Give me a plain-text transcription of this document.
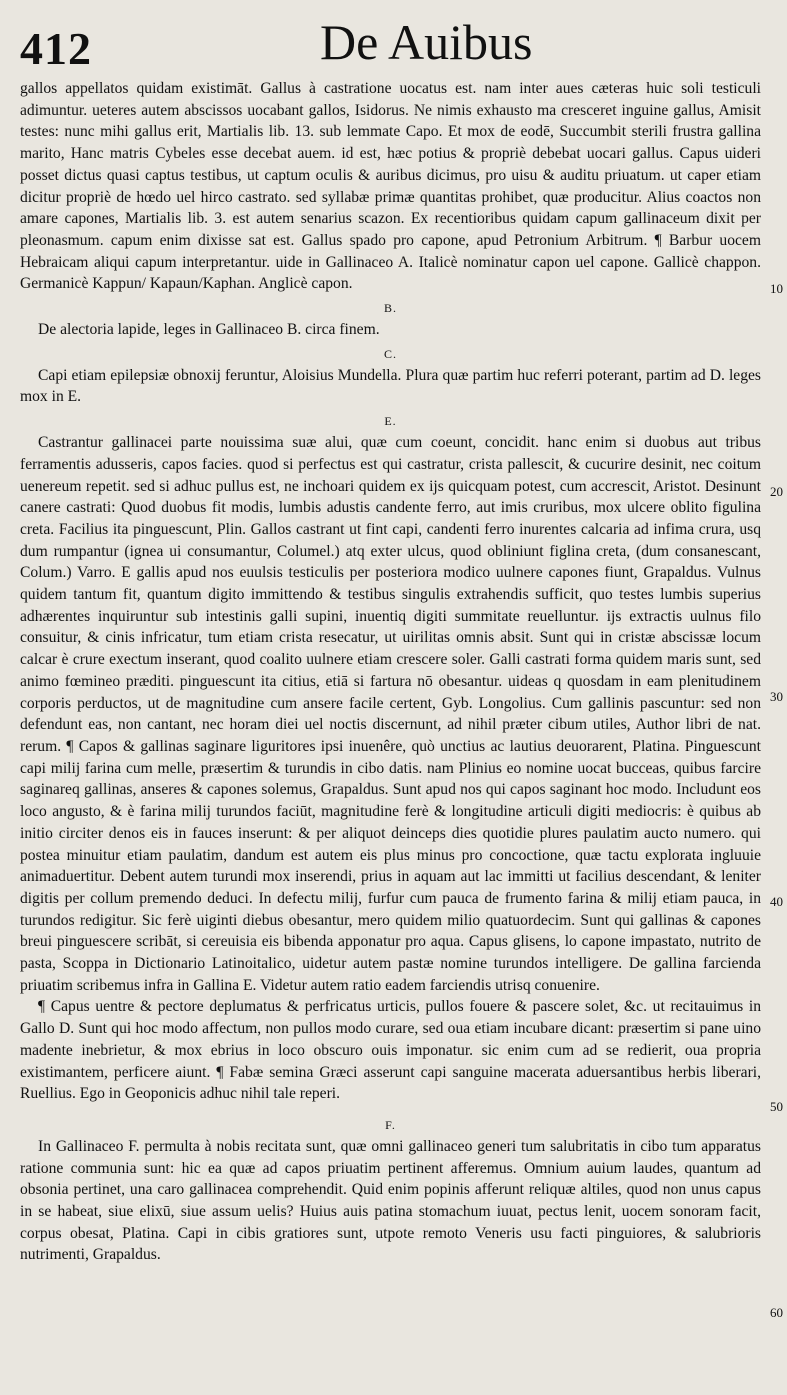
412	De Auibus

gallos appellatos quidam existimāt. Gallus à castratione uocatus est. nam inter aues cæteras huic soli testiculi adimuntur. ueteres autem abscissos uocabant gallos, Isidorus. Ne nimis exhausto ma cresceret inguine gallus, Amisit testes: nunc mihi gallus erit, Martialis lib. 13. sub lemmate Capo. Et mox de eodē, Succumbit sterili frustra gallina marito, Hanc matris Cybeles esse decebat auem. id est, hæc potius & propriè debebat uocari gallus. Capus uideri posset dictus quasi captus testibus, ut captum oculis & auribus dicimus, pro uisu & auditu priuatum. ut caper etiam dicitur propriè de hœdo uel hirco castrato. sed syllabæ primæ quantitas prohibet, quæ producitur. Alius coactos non amare capones, Martialis lib. 3. est autem senarius scazon. Ex recentioribus quidam capum gallinaceum dixit per pleonasmum. capum enim dixisse sat est. Gallus spado pro capone, apud Petronium Arbitrum. ¶ Barbur uocem Hebraicam aliqui capum interpretantur. uide in Gallinaceo A. Italicè nominatur capon uel capone. Gallicè chappon. Germanicè Kappun/ Kapaun/Kaphan. Anglicè capon.

B.

De alectoria lapide, leges in Gallinaceo B. circa finem.

C.

Capi etiam epilepsiæ obnoxij feruntur, Aloisius Mundella. Plura quæ partim huc referri poterant, partim ad D. leges mox in E.

E.

Castrantur gallinacei parte nouissima suæ alui, quæ cum coeunt, concidit. hanc enim si duobus aut tribus ferramentis adusseris, capos facies. quod si perfectus est qui castratur, crista pallescit, & cucurire desinit, nec coitum uenereum repetit. sed si adhuc pullus est, ne inchoari quidem ex ijs quicquam potest, cum accrescit, Aristot. Desinunt canere castrati: Quod duobus fit modis, lumbis adustis candente ferro, aut imis cruribus, mox ulcere oblito figulina creta. Facilius ita pinguescunt, Plin. Gallos castrant ut fint capi, candenti ferro inurentes calcaria ad infima crura, usq dum rumpantur (ignea ui consumantur, Columel.) atq exter ulcus, quod obliniunt figlina creta, (dum consanescant, Colum.) Varro. E gallis apud nos euulsis testiculis per posteriora modico uulnere capones fiunt, Grapaldus. Vulnus quidem tantum fit, quantum digito immittendo & testibus singulis extrahendis sufficit, quo testes lumbis superius adhærentes inquiruntur sub intestinis galli supini, inuentiq digiti summitate reuelluntur. ijs extractis uulnus filo consuitur, & cinis infricatur, tum etiam crista resecatur, ut uirilitas omnis absit. Sunt qui in cristæ abscissæ locum calcar è crure exectum inserant, quod coalito uulnere etiam crescere soler. Galli castrati forma quidem maris sunt, sed animo fœmineo præditi. pinguescunt ita citius, etiā si fartura nō obesantur. uideas q quosdam in eam plenitudinem corporis perductos, ut de magnitudine cum ansere facile certent, Gyb. Longolius. Cum gallinis pascuntur: sed non defendunt eas, non cantant, nec horam diei uel noctis discernunt, ad nihil præter cibum utiles, Author libri de nat. rerum. ¶ Capos & gallinas saginare liguritores ipsi inuenêre, quò unctius ac lautius deuorarent, Platina. Pinguescunt capi milij farina cum melle, præsertim & turundis in cibo datis. nam Plinius eo nomine uocat bucceas, quibus farcire saginareq gallinas, anseres & capones solemus, Grapaldus. Sunt apud nos qui capos saginant hoc modo. Includunt eos loco angusto, & è farina milij turundos faciūt, magnitudine ferè & longitudine articuli digiti mediocris: è quibus ab initio circiter denos eis in fauces inserunt: & per aliquot deinceps dies quotidie plures paulatim aucto numero. qui postea minuitur etiam paulatim, dandum est autem eis plus minus pro concoctione, quæ tactu explorata ingluuie animaduertitur. Debent autem turundi mox inserendi, prius in aquam aut lac immitti ut facilius descendant, & leniter digitis per collum premendo deduci. In defectu milij, furfur cum pauca de frumento farina & milij etiam pauca, in turundos redigitur. Sic ferè uiginti diebus obesantur, mero quidem milio quatuordecim. Sunt qui gallinas & capones breui pinguescere scribāt, si cereuisia eis bibenda apponatur pro aqua. Capus glisens, lo capone impastato, nutrito de pasta, Scoppa in Dictionario Latinoitalico, uidetur autem pastæ nomine turundos intelligere. De gallina farcienda priuatim scribemus infra in Gallina E. Videtur autem ratio eadem farciendis utrisq conuenire.

¶ Capus uentre & pectore deplumatus & perfricatus urticis, pullos fouere & pascere solet, &c. ut recitauimus in Gallo D. Sunt qui hoc modo affectum, non pullos modo curare, sed oua etiam incubare dicant: præsertim si pane uino madente inebrietur, & mox ebrius in loco obscuro ouis imponatur. sic enim cum ad se redierit, oua propria existimantem, perficere aiunt. ¶ Fabæ semina Græci asserunt capi sanguine macerata aduersantibus herbis liberari, Ruellius. Ego in Geoponicis adhuc nihil tale reperi.

F.

In Gallinaceo F. permulta à nobis recitata sunt, quæ omni gallinaceo generi tum salubritatis in cibo tum apparatus ratione communia sunt: hic ea quæ ad capos priuatim pertinent afferemus. Omnium auium laudes, quantum ad obsonia pertinet, una caro gallinacea comprehendit. Quid enim popinis afferunt reliquæ altiles, quod non unus capus in se habeat, siue elixū, siue assum uelis? Huius auis patina stomachum iuuat, pectus lenit, uocem sonoram facit, corpus obesat, Platina. Capi in cibis gratiores sunt, utpote remoto Veneris usu facti pinguiores, & salubrioris nutrimenti, Grapaldus.

10
20
30
40
50
60
